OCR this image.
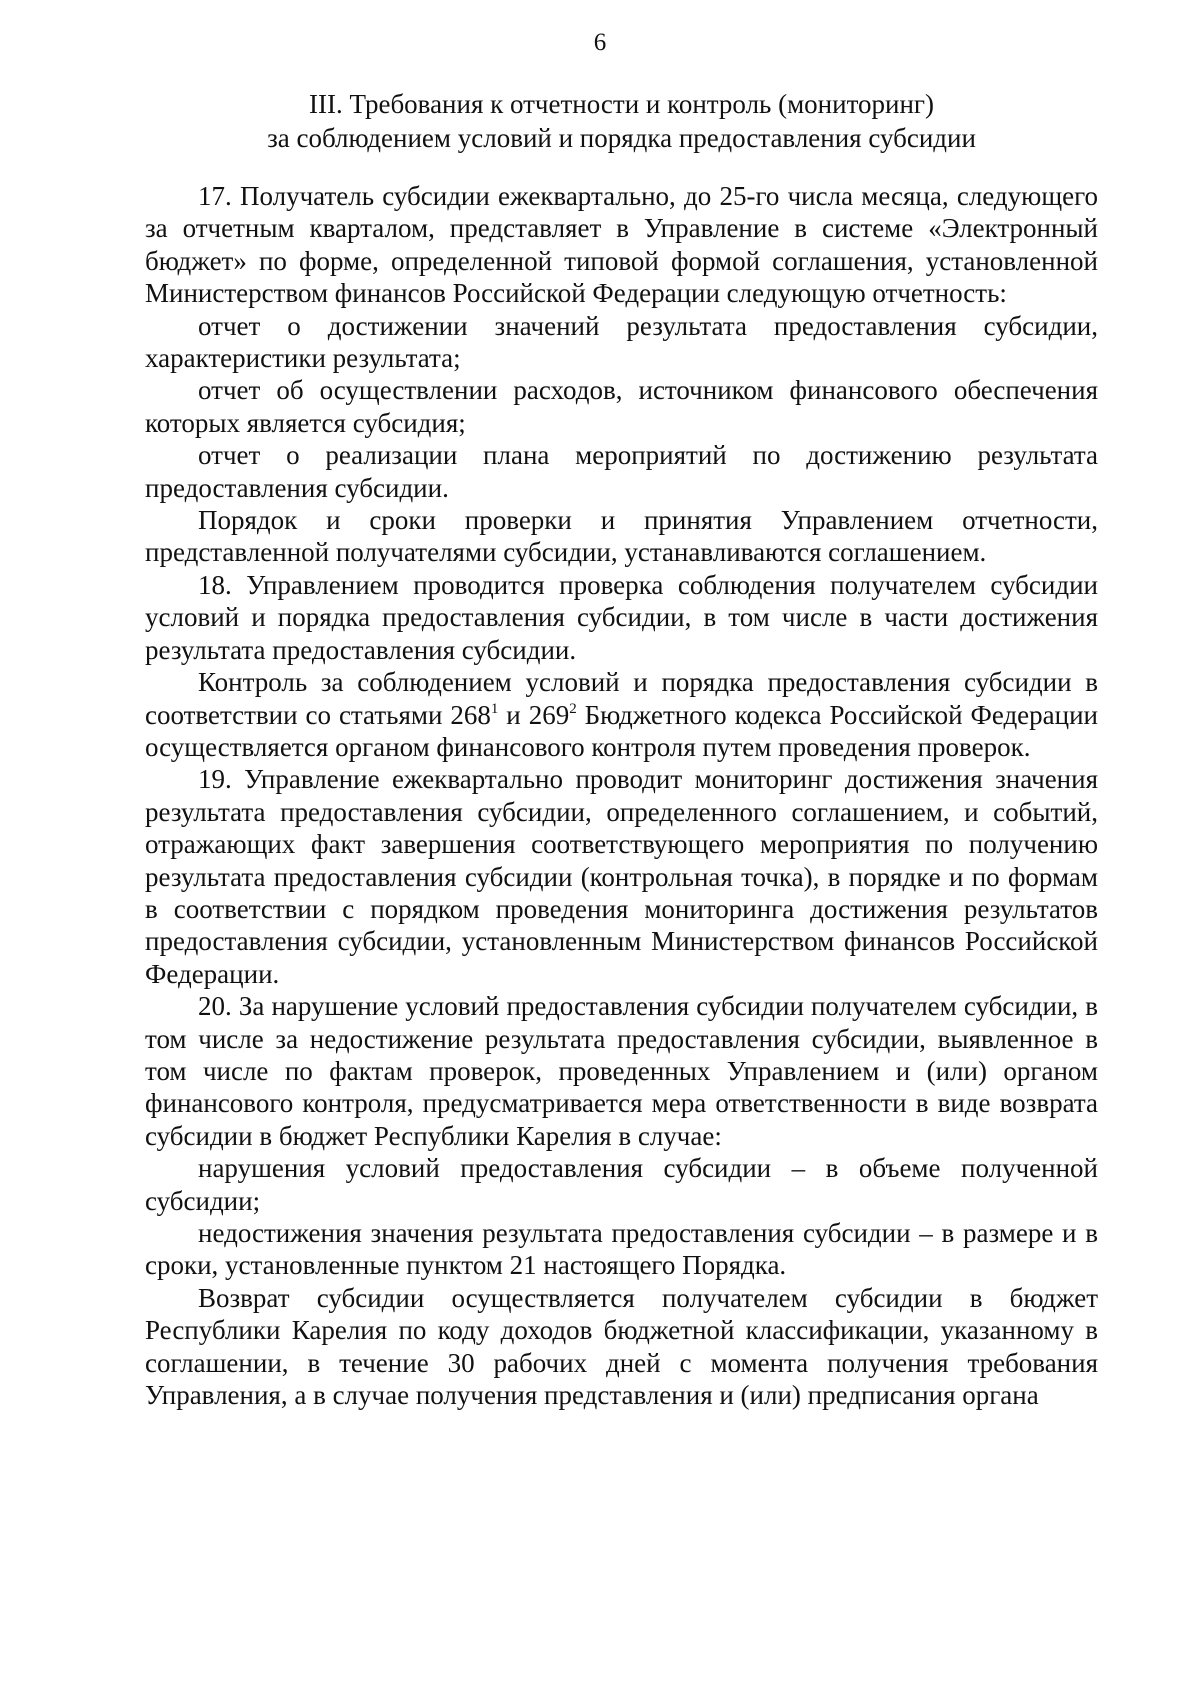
6
III. Требования к отчетности и контроль (мониторинг)
за соблюдением условий и порядка предоставления субсидии

17. Получатель субсидии ежеквартально, до 25-го числа месяца, следующего за отчетным кварталом, представляет в Управление в системе «Электронный бюджет» по форме, определенной типовой формой соглашения, установленной Министерством финансов Российской Федерации следующую отчетность:

отчет о достижении значений результата предоставления субсидии, характеристики результата;

отчет об осуществлении расходов, источником финансового обеспечения которых является субсидия;

отчет о реализации плана мероприятий по достижению результата предоставления субсидии.

Порядок и сроки проверки и принятия Управлением отчетности, представленной получателями субсидии, устанавливаются соглашением.

18. Управлением проводится проверка соблюдения получателем субсидии условий и порядка предоставления субсидии, в том числе в части достижения результата предоставления субсидии.

Контроль за соблюдением условий и порядка предоставления субсидии в соответствии со статьями $268^1$ и $269^2$ Бюджетного кодекса Российской Федерации осуществляется органом финансового контроля путем проведения проверок.

19. Управление ежеквартально проводит мониторинг достижения значения результата предоставления субсидии, определенного соглашением, и событий, отражающих факт завершения соответствующего мероприятия по получению результата предоставления субсидии (контрольная точка), в порядке и по формам в соответствии с порядком проведения мониторинга достижения результатов предоставления субсидии, установленным Министерством финансов Российской Федерации.

20. За нарушение условий предоставления субсидии получателем субсидии, в том числе за недостижение результата предоставления субсидии, выявленное в том числе по фактам проверок, проведенных Управлением и (или) органом финансового контроля, предусматривается мера ответственности в виде возврата субсидии в бюджет Республики Карелия в случае:

нарушения условий предоставления субсидии – в объеме полученной субсидии;

недостижения значения результата предоставления субсидии – в размере и в сроки, установленные пунктом 21 настоящего Порядка.

Возврат субсидии осуществляется получателем субсидии в бюджет Республики Карелия по коду доходов бюджетной классификации, указанному в соглашении, в течение 30 рабочих дней с момента получения требования Управления, а в случае получения представления и (или) предписания органа
